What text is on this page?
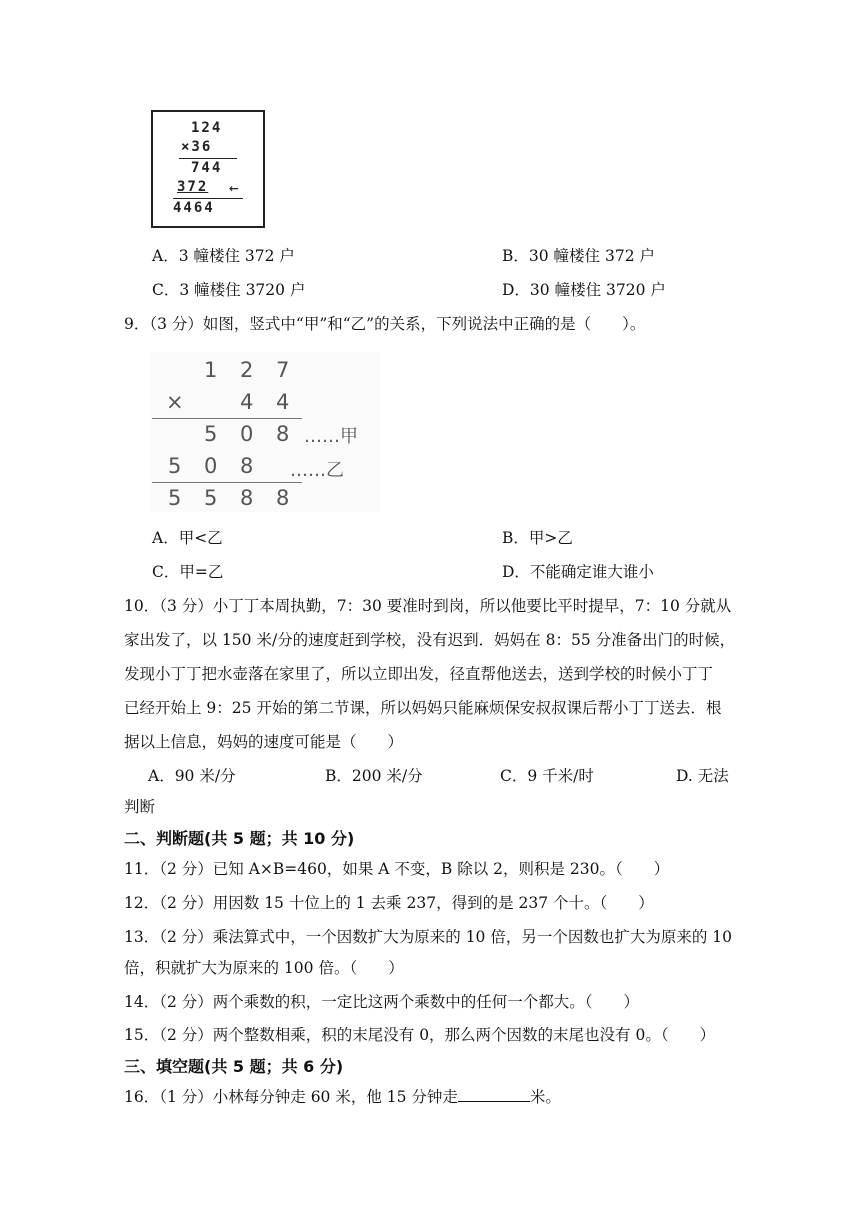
124
×36
744
372	←
4464
A．3 幢楼住 372 户	B．30 幢楼住 372 户
C．3 幢楼住 3720 户	D．30 幢楼住 3720 户
9．（3 分）如图，竖式中“甲”和“乙”的关系，下列说法中正确的是（　　）。
1 2 7
×	4 4
5 0 8 ……甲
5 0 8 ……乙
5 5 8 8
A．甲<乙	B．甲>乙
C．甲=乙	D．不能确定谁大谁小
10．（3 分）小丁丁本周执勤，7：30 要准时到岗，所以他要比平时提早，7：10 分就从
家出发了，以 150 米/分的速度赶到学校，没有迟到．妈妈在 8：55 分准备出门的时候，
发现小丁丁把水壶落在家里了，所以立即出发，径直帮他送去，送到学校的时候小丁丁
已经开始上 9：25 开始的第二节课，所以妈妈只能麻烦保安叔叔课后帮小丁丁送去．根
据以上信息，妈妈的速度可能是（　　）
A．90 米/分	B．200 米/分	C．9 千米/时	D. 无法
判断
二、判断题(共 5 题；共 10 分)
11．（2 分）已知 A×B=460，如果 A 不变，B 除以 2，则积是 230。（　　）
12．（2 分）用因数 15 十位上的 1 去乘 237，得到的是 237 个十。（　　）
13．（2 分）乘法算式中，一个因数扩大为原来的 10 倍，另一个因数也扩大为原来的 10
倍，积就扩大为原来的 100 倍。（　　）
14．（2 分）两个乘数的积，一定比这两个乘数中的任何一个都大。（　　）
15．（2 分）两个整数相乘，积的末尾没有 0，那么两个因数的末尾也没有 0。（　　）
三、填空题(共 5 题；共 6 分)
16．（1 分）小林每分钟走 60 米，他 15 分钟走	米。
